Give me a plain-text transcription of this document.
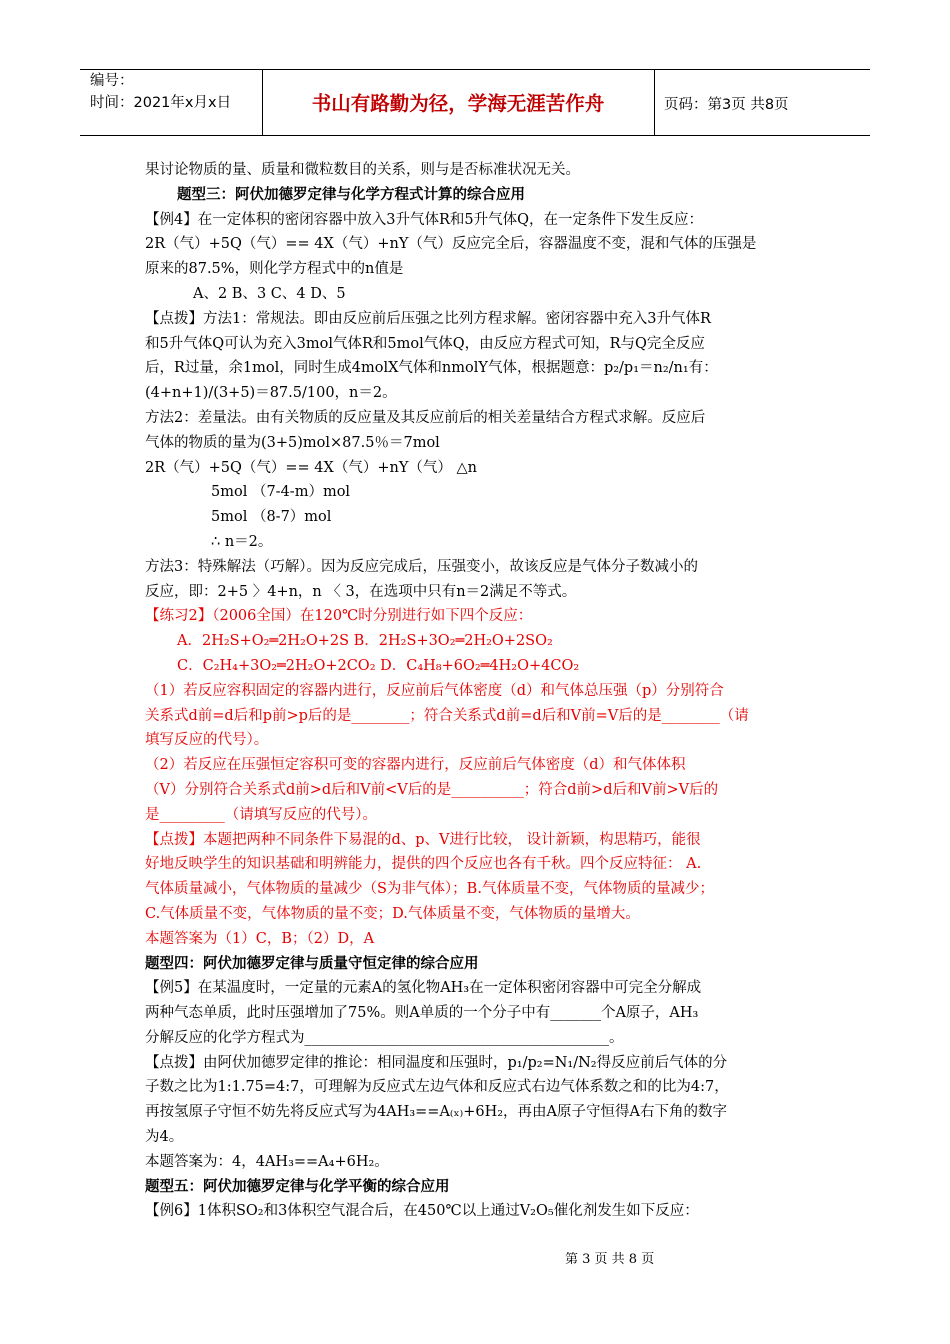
编号：
时间：2021年x月x日	书山有路勤为径，学海无涯苦作舟	页码：第3页 共8页

果讨论物质的量、质量和微粒数目的关系，则与是否标准状况无关。

题型三：阿伏加德罗定律与化学方程式计算的综合应用

【例4】在一定体积的密闭容器中放入3升气体R和5升气体Q，在一定条件下发生反应：

2R（气）+5Q（气）== 4X（气）+nY（气）反应完全后，容器温度不变，混和气体的压强是

原来的87.5%，则化学方程式中的n值是

A、2 B、3 C、4 D、5

【点拨】方法1：常规法。即由反应前后压强之比列方程求解。密闭容器中充入3升气体R

和5升气体Q可认为充入3mol气体R和5mol气体Q，由反应方程式可知，R与Q完全反应

后，R过量，余1mol，同时生成4molX气体和nmolY气体，根据题意：p₂/p₁＝n₂/n₁有：

(4+n+1)/(3+5)＝87.5/100，n＝2。

方法2：差量法。由有关物质的反应量及其反应前后的相关差量结合方程式求解。反应后

气体的物质的量为(3+5)mol×87.5％＝7mol

2R（气）+5Q（气）== 4X（气）+nY（气） △n

5mol （7-4-m）mol

5mol （8-7）mol

∴ n＝2。

方法3：特殊解法（巧解）。因为反应完成后，压强变小，故该反应是气体分子数减小的

反应，即：2+5 〉4+n，n 〈 3，在选项中只有n＝2满足不等式。

【练习2】（2006全国）在120℃时分别进行如下四个反应：

A．2H₂S+O₂═2H₂O+2S B．2H₂S+3O₂═2H₂O+2SO₂

C．C₂H₄+3O₂═2H₂O+2CO₂ D．C₄H₈+6O₂═4H₂O+4CO₂

（1）若反应容积固定的容器内进行，反应前后气体密度（d）和气体总压强（p）分别符合

关系式d前=d后和p前>p后的是________；符合关系式d前=d后和V前=V后的是________（请

填写反应的代号）。

（2）若反应在压强恒定容积可变的容器内进行，反应前后气体密度（d）和气体体积

（V）分别符合关系式d前>d后和V前<V后的是__________；符合d前>d后和V前>V后的

是_________（请填写反应的代号）。

【点拨】本题把两种不同条件下易混的d、p、V进行比较， 设计新颖，构思精巧，能很

好地反映学生的知识基础和明辨能力，提供的四个反应也各有千秋。四个反应特征： A.

气体质量减小，气体物质的量减少（S为非气体）；B.气体质量不变，气体物质的量减少；

C.气体质量不变，气体物质的量不变；D.气体质量不变，气体物质的量增大。

本题答案为（1）C，B；（2）D，A

题型四：阿伏加德罗定律与质量守恒定律的综合应用

【例5】在某温度时，一定量的元素A的氢化物AH₃在一定体积密闭容器中可完全分解成

两种气态单质，此时压强增加了75%。则A单质的一个分子中有_______个A原子，AH₃

分解反应的化学方程式为__________________________________________。

【点拨】由阿伏加德罗定律的推论：相同温度和压强时，p₁/p₂=N₁/N₂得反应前后气体的分

子数之比为1:1.75=4:7，可理解为反应式左边气体和反应式右边气体系数之和的比为4:7，

再按氢原子守恒不妨先将反应式写为4AH₃==A₍ₓ₎+6H₂，再由A原子守恒得A右下角的数字

为4。

本题答案为：4，4AH₃==A₄+6H₂。

题型五：阿伏加德罗定律与化学平衡的综合应用

【例6】1体积SO₂和3体积空气混合后，在450℃以上通过V₂O₅催化剂发生如下反应：

第 3 页 共 8 页
